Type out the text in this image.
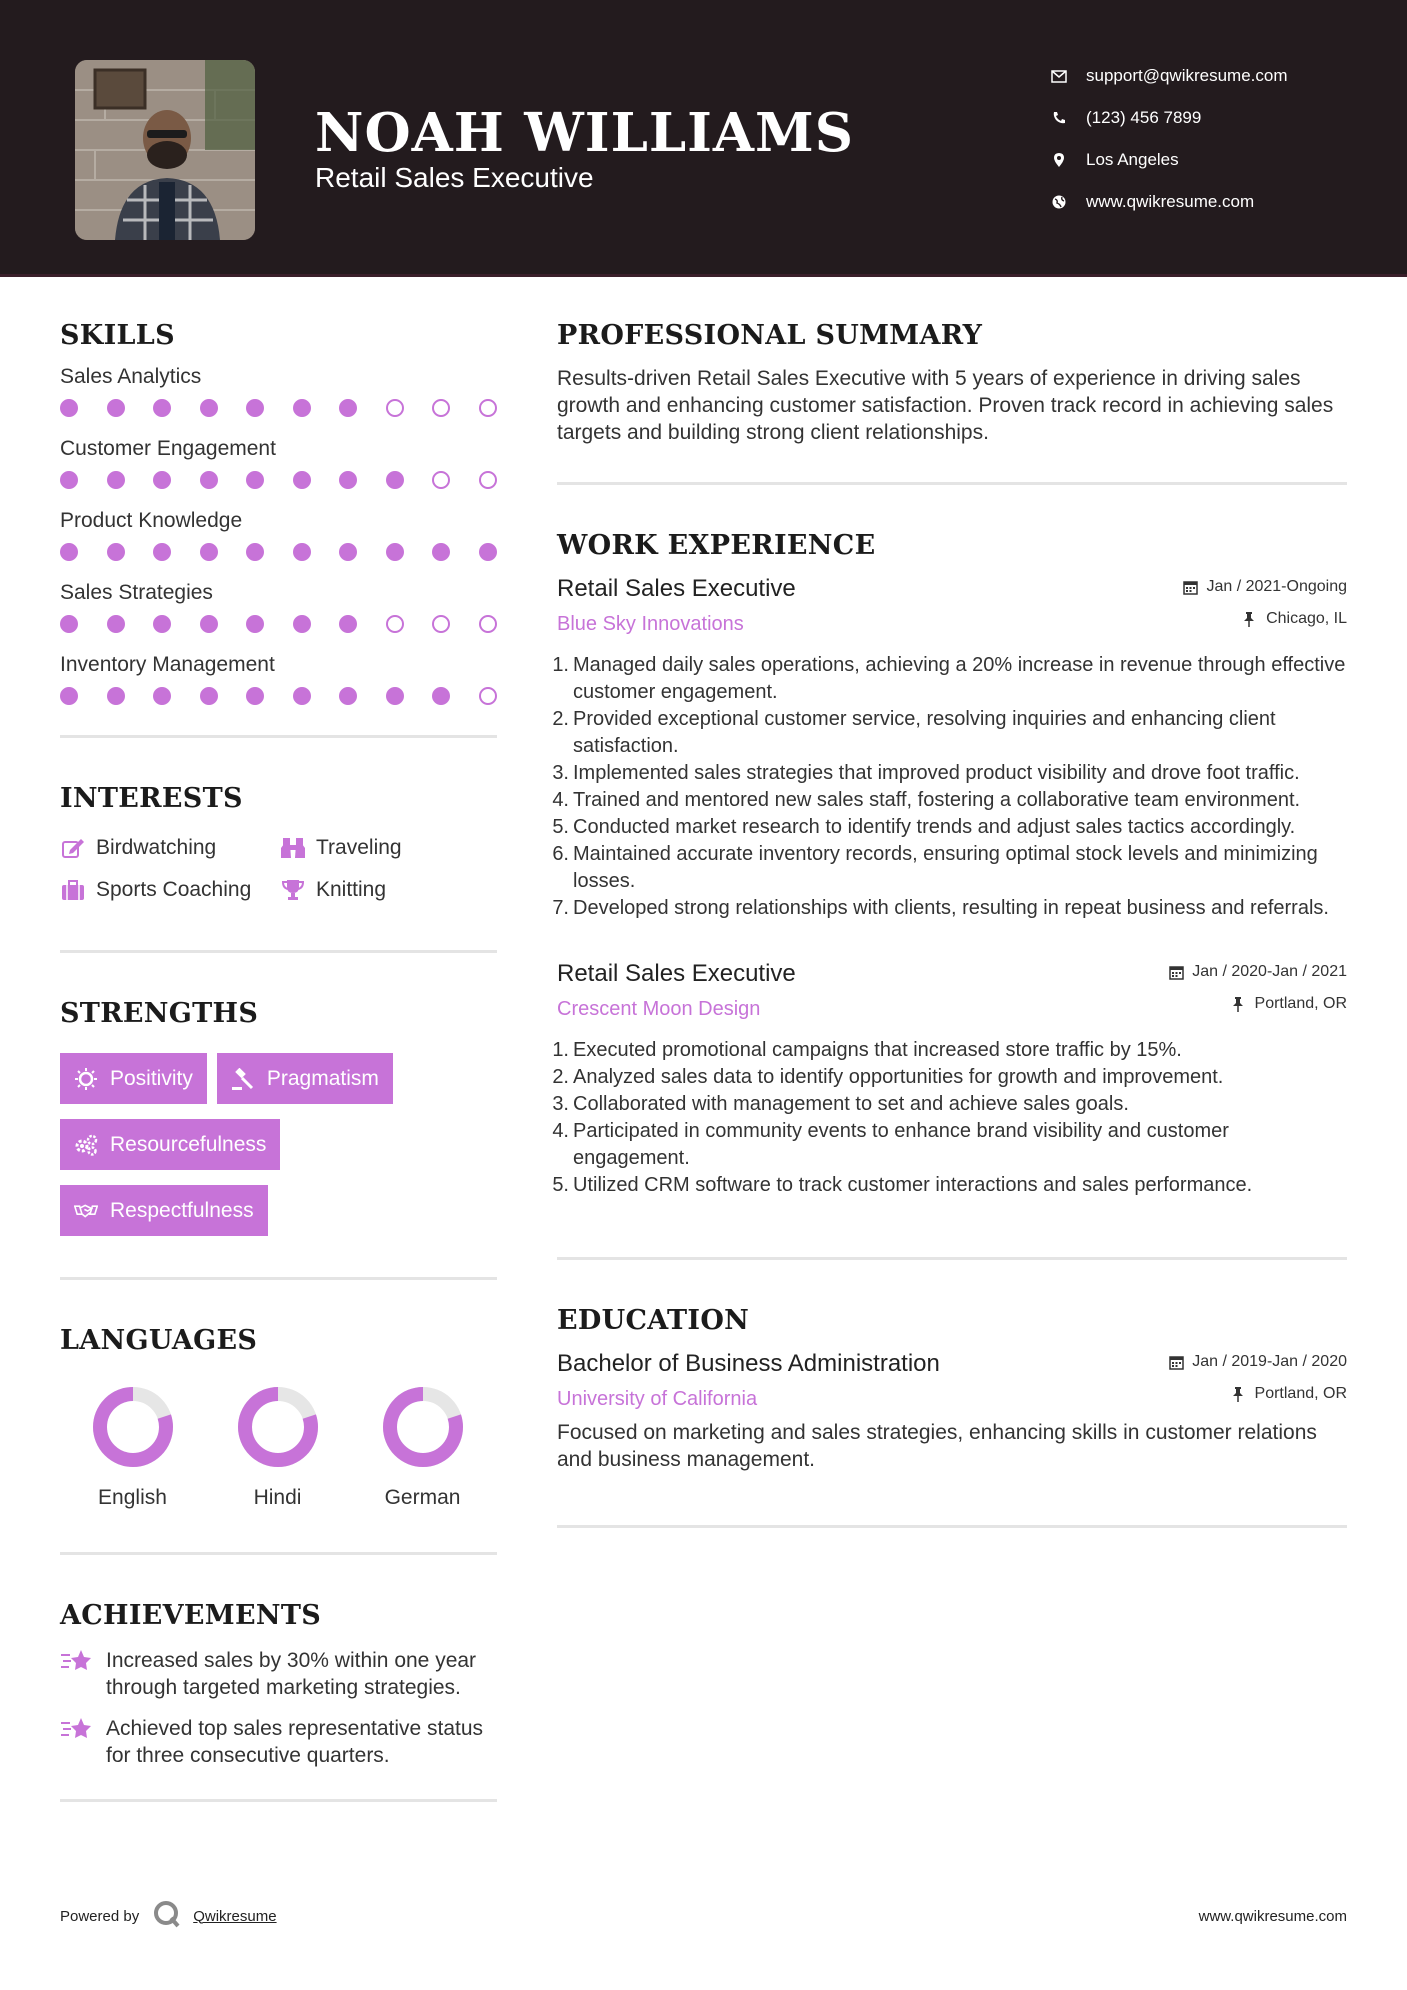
NOAH WILLIAMS
Retail Sales Executive
support@qwikresume.com
(123) 456 7899
Los Angeles
www.qwikresume.com
SKILLS
Sales Analytics
Customer Engagement
Product Knowledge
Sales Strategies
Inventory Management
INTERESTS
Birdwatching	Traveling
Sports Coaching	Knitting
STRENGTHS
Positivity	Pragmatism
Resourcefulness
Respectfulness
LANGUAGES
English	Hindi	German
ACHIEVEMENTS
Increased sales by 30% within one year through targeted marketing strategies.
Achieved top sales representative status for three consecutive quarters.
PROFESSIONAL SUMMARY
Results-driven Retail Sales Executive with 5 years of experience in driving sales growth and enhancing customer satisfaction. Proven track record in achieving sales targets and building strong client relationships.
WORK EXPERIENCE
Retail Sales Executive
Blue Sky Innovations
Jan / 2021-Ongoing
Chicago, IL
1. Managed daily sales operations, achieving a 20% increase in revenue through effective customer engagement.
2. Provided exceptional customer service, resolving inquiries and enhancing client satisfaction.
3. Implemented sales strategies that improved product visibility and drove foot traffic.
4. Trained and mentored new sales staff, fostering a collaborative team environment.
5. Conducted market research to identify trends and adjust sales tactics accordingly.
6. Maintained accurate inventory records, ensuring optimal stock levels and minimizing losses.
7. Developed strong relationships with clients, resulting in repeat business and referrals.
Retail Sales Executive
Crescent Moon Design
Jan / 2020-Jan / 2021
Portland, OR
1. Executed promotional campaigns that increased store traffic by 15%.
2. Analyzed sales data to identify opportunities for growth and improvement.
3. Collaborated with management to set and achieve sales goals.
4. Participated in community events to enhance brand visibility and customer engagement.
5. Utilized CRM software to track customer interactions and sales performance.
EDUCATION
Bachelor of Business Administration
University of California
Jan / 2019-Jan / 2020
Portland, OR
Focused on marketing and sales strategies, enhancing skills in customer relations and business management.
Powered by	Qwikresume	www.qwikresume.com
